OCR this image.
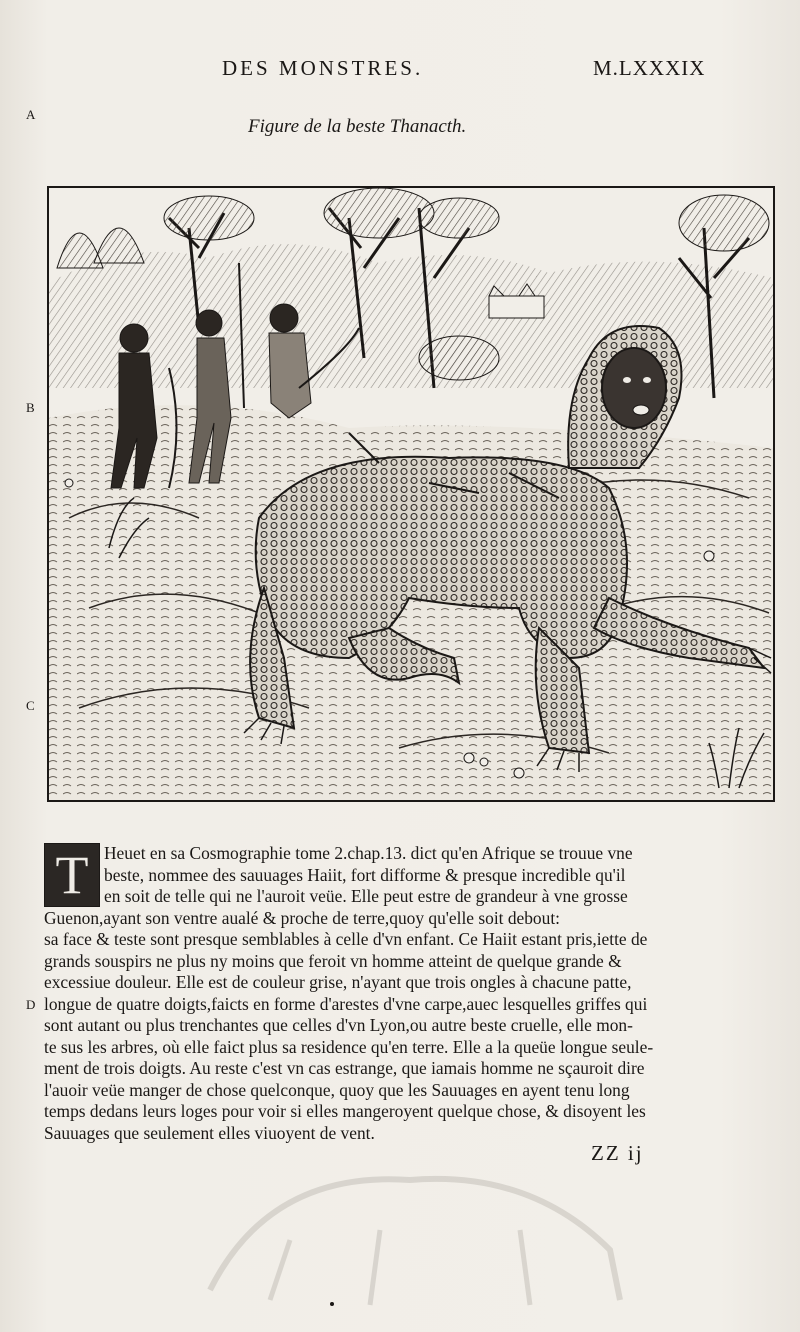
DES MONSTRES.	M.LXXXIX
Figure de la beste Thanacth.
A
B
C
D
T Heuet en sa Cosmographie tome 2.chap.13. dict qu'en Afrique se trouue vne
beste, nommee des sauuages Haiit, fort difforme & presque incredible qu'il
en soit de telle qui ne l'auroit veüe. Elle peut estre de grandeur à vne grosse
Guenon,ayant son ventre aualé & proche de terre,quoy qu'elle soit debout:
sa face & teste sont presque semblables à celle d'vn enfant. Ce Haiit estant pris,iette de
grands souspirs ne plus ny moins que feroit vn homme atteint de quelque grande &
excessiue douleur. Elle est de couleur grise, n'ayant que trois ongles à chacune patte,
longue de quatre doigts,faicts en forme d'arestes d'vne carpe,auec lesquelles griffes qui
sont autant ou plus trenchantes que celles d'vn Lyon,ou autre beste cruelle, elle mon-
te sus les arbres, où elle faict plus sa residence qu'en terre. Elle a la queüe longue seule-
ment de trois doigts. Au reste c'est vn cas estrange, que iamais homme ne sçauroit dire
l'auoir veüe manger de chose quelconque, quoy que les Sauuages en ayent tenu long
temps dedans leurs loges pour voir si elles mangeroyent quelque chose, & disoyent les
Sauuages que seulement elles viuoyent de vent.
ZZ ij
